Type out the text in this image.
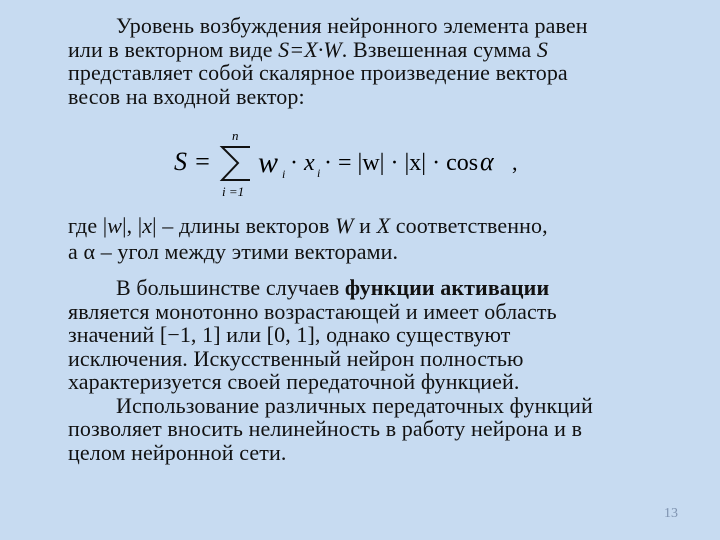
Уровень возбуждения нейронного элемента равен
или в векторном виде S=X·W. Взвешенная сумма S
представляет собой скалярное произведение вектора
весов на входной вектор:
S =
n
i =1
w i · x i · = |w| · |x| · cos α ,
где |w|, |x| – длины векторов W и X соответственно,
а α – угол между этими векторами.
В большинстве случаев функции активации
является монотонно возрастающей и имеет область
значений [−1, 1] или [0, 1], однако существуют
исключения. Искусственный нейрон полностью
характеризуется своей передаточной функцией.
Использование различных передаточных функций
позволяет вносить нелинейность в работу нейрона и в
целом нейронной сети.
13
